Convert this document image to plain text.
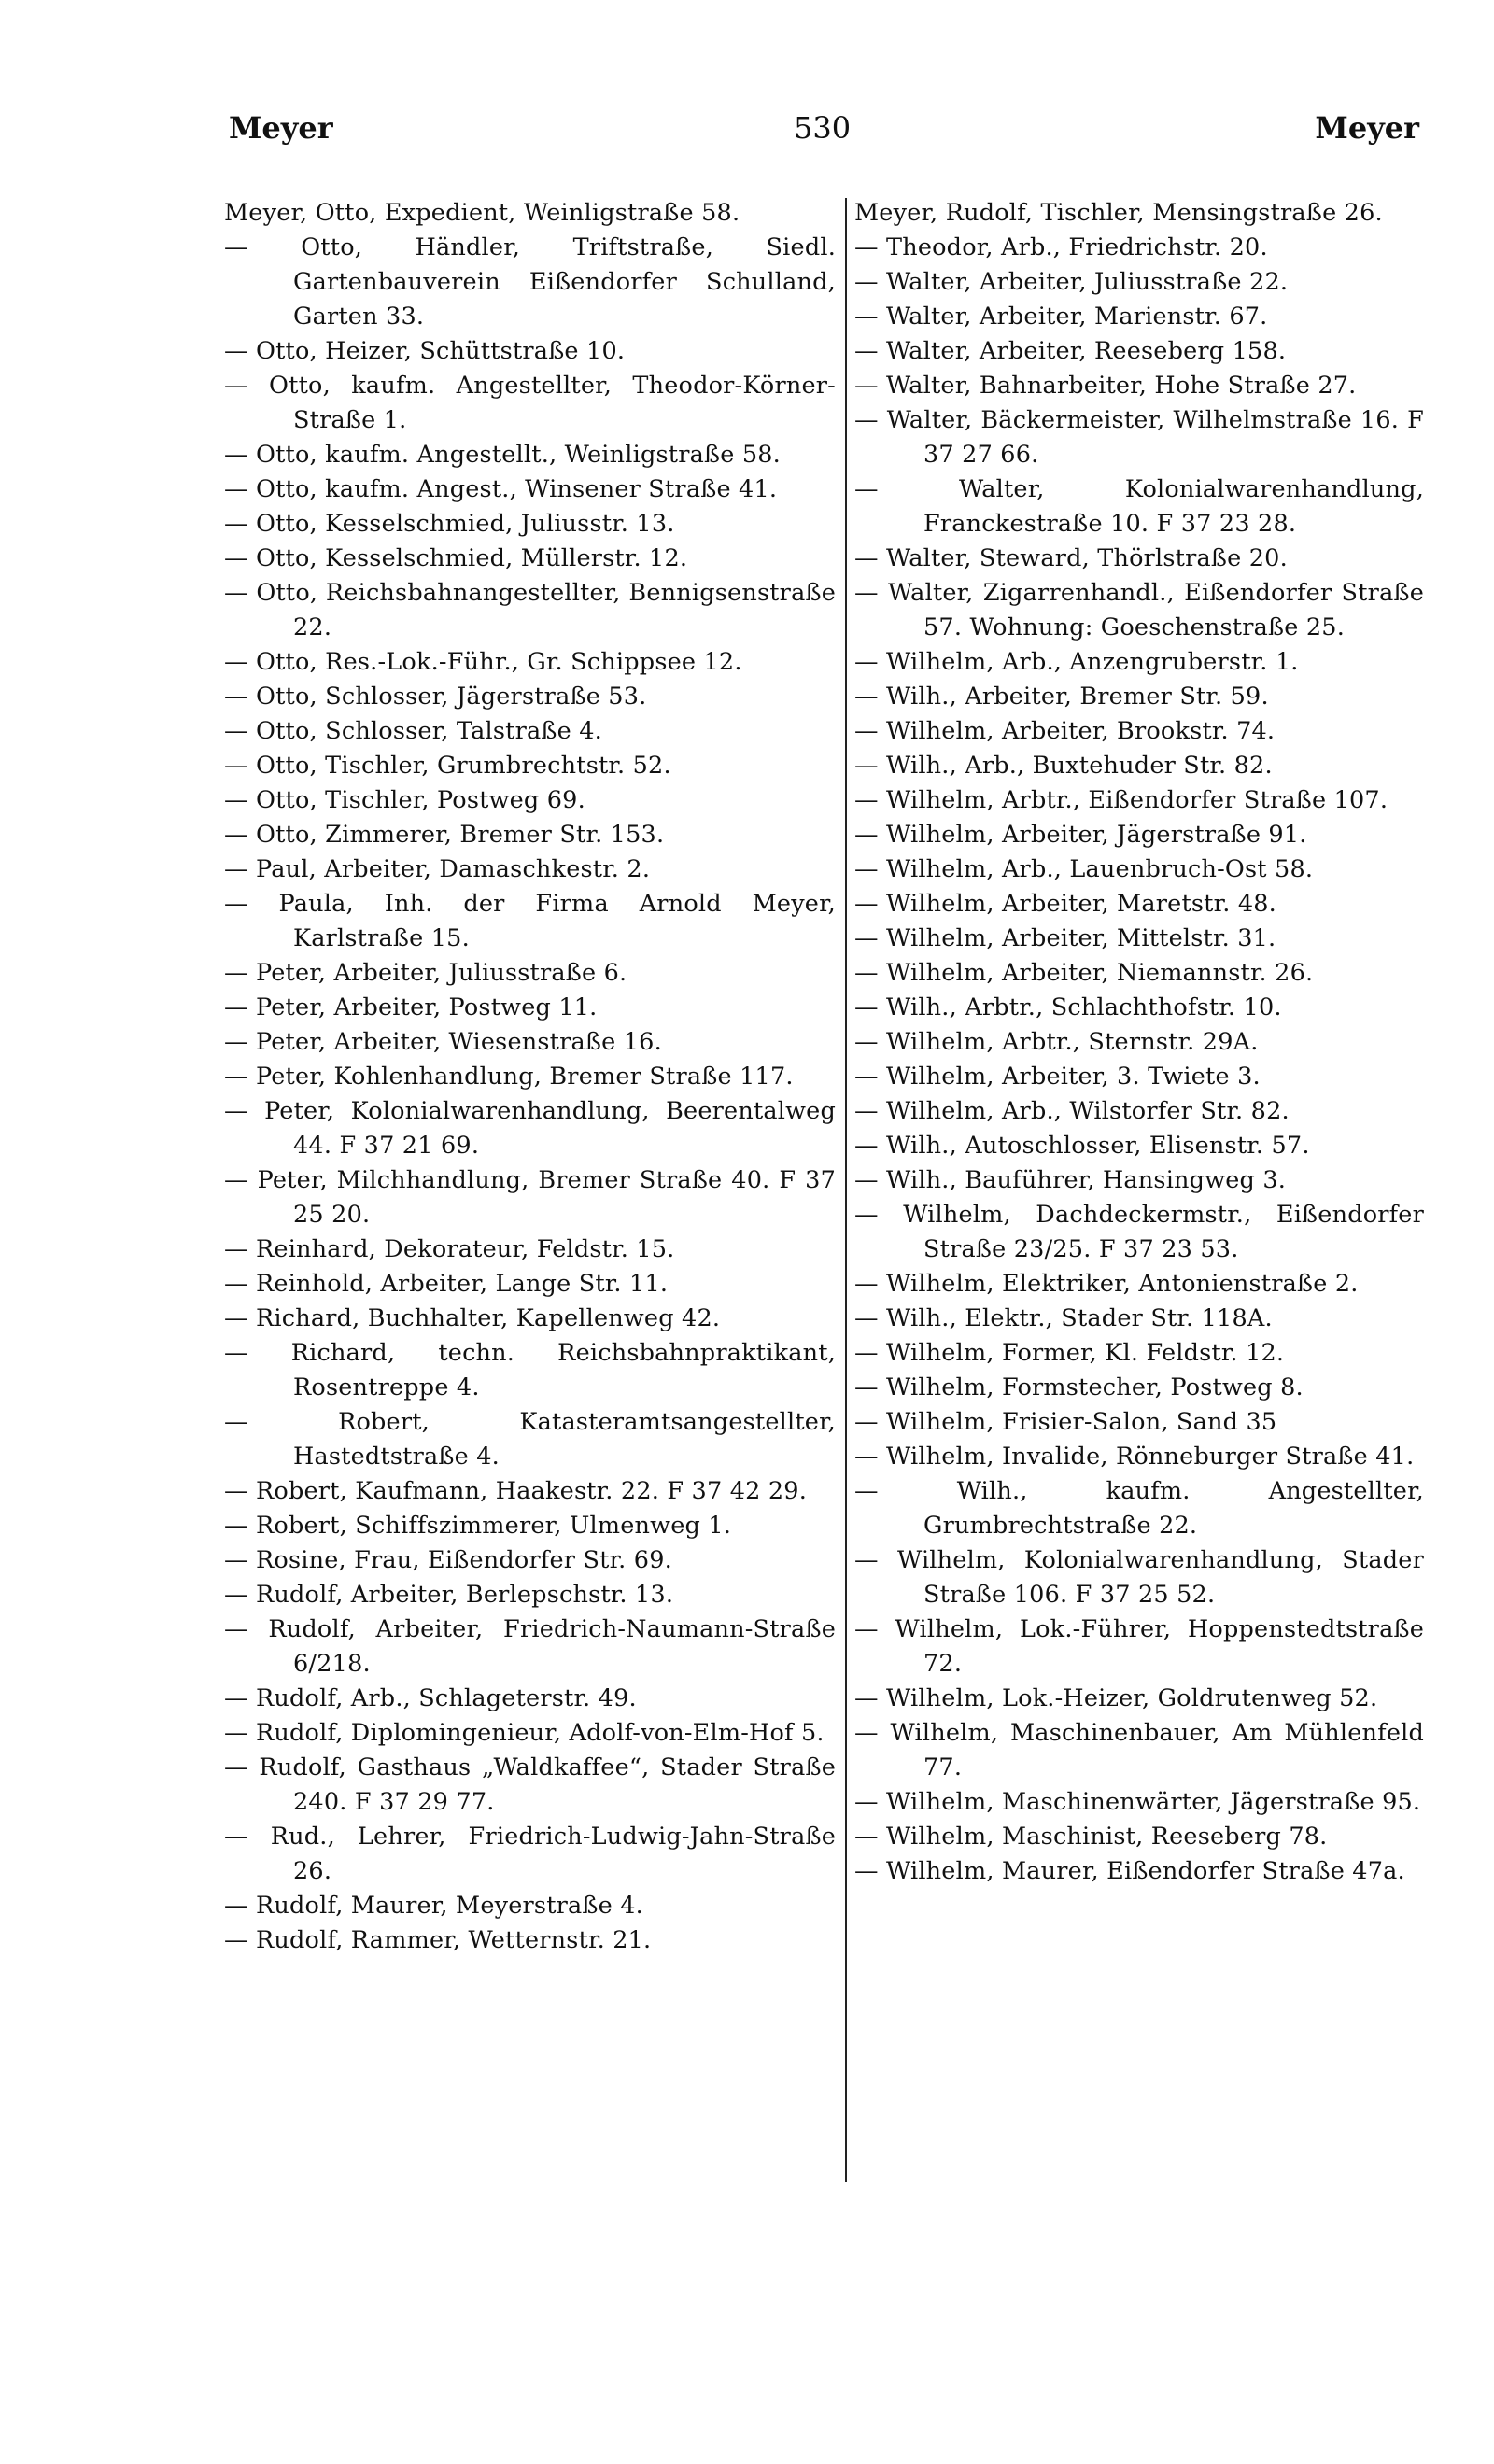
Meyer	530	Meyer

Meyer, Otto, Expedient, Weinligstraße 58.

— Otto, Händler, Triftstraße, Siedl. Gartenbauverein Eißendorfer Schulland, Garten 33.

— Otto, Heizer, Schüttstraße 10.

— Otto, kaufm. Angestellter, Theodor-Körner-Straße 1.

— Otto, kaufm. Angestellt., Weinligstraße 58.

— Otto, kaufm. Angest., Winsener Straße 41.

— Otto, Kesselschmied, Juliusstr. 13.

— Otto, Kesselschmied, Müllerstr. 12.

— Otto, Reichsbahnangestellter, Bennigsenstraße 22.

— Otto, Res.-Lok.-Führ., Gr. Schippsee 12.

— Otto, Schlosser, Jägerstraße 53.

— Otto, Schlosser, Talstraße 4.

— Otto, Tischler, Grumbrechtstr. 52.

— Otto, Tischler, Postweg 69.

— Otto, Zimmerer, Bremer Str. 153.

— Paul, Arbeiter, Damaschkestr. 2.

— Paula, Inh. der Firma Arnold Meyer, Karlstraße 15.

— Peter, Arbeiter, Juliusstraße 6.

— Peter, Arbeiter, Postweg 11.

— Peter, Arbeiter, Wiesenstraße 16.

— Peter, Kohlenhandlung, Bremer Straße 117.

— Peter, Kolonialwarenhandlung, Beerentalweg 44. F 37 21 69.

— Peter, Milchhandlung, Bremer Straße 40. F 37 25 20.

— Reinhard, Dekorateur, Feldstr. 15.

— Reinhold, Arbeiter, Lange Str. 11.

— Richard, Buchhalter, Kapellenweg 42.

— Richard, techn. Reichsbahnpraktikant, Rosentreppe 4.

— Robert, Katasteramtsangestellter, Hastedtstraße 4.

— Robert, Kaufmann, Haakestr. 22. F 37 42 29.

— Robert, Schiffszimmerer, Ulmenweg 1.

— Rosine, Frau, Eißendorfer Str. 69.

— Rudolf, Arbeiter, Berlepschstr. 13.

— Rudolf, Arbeiter, Friedrich-Naumann-Straße 6/218.

— Rudolf, Arb., Schlageterstr. 49.

— Rudolf, Diplomingenieur, Adolf-von-Elm-Hof 5.

— Rudolf, Gasthaus „Waldkaffee“, Stader Straße 240. F 37 29 77.

— Rud., Lehrer, Friedrich-Ludwig-Jahn-Straße 26.

— Rudolf, Maurer, Meyerstraße 4.

— Rudolf, Rammer, Wetternstr. 21.

Meyer, Rudolf, Tischler, Mensingstraße 26.

— Theodor, Arb., Friedrichstr. 20.

— Walter, Arbeiter, Juliusstraße 22.

— Walter, Arbeiter, Marienstr. 67.

— Walter, Arbeiter, Reeseberg 158.

— Walter, Bahnarbeiter, Hohe Straße 27.

— Walter, Bäckermeister, Wilhelmstraße 16. F 37 27 66.

— Walter, Kolonialwarenhandlung, Franckestraße 10. F 37 23 28.

— Walter, Steward, Thörlstraße 20.

— Walter, Zigarrenhandl., Eißendorfer Straße 57. Wohnung: Goeschenstraße 25.

— Wilhelm, Arb., Anzengruberstr. 1.

— Wilh., Arbeiter, Bremer Str. 59.

— Wilhelm, Arbeiter, Brookstr. 74.

— Wilh., Arb., Buxtehuder Str. 82.

— Wilhelm, Arbtr., Eißendorfer Straße 107.

— Wilhelm, Arbeiter, Jägerstraße 91.

— Wilhelm, Arb., Lauenbruch-Ost 58.

— Wilhelm, Arbeiter, Maretstr. 48.

— Wilhelm, Arbeiter, Mittelstr. 31.

— Wilhelm, Arbeiter, Niemannstr. 26.

— Wilh., Arbtr., Schlachthofstr. 10.

— Wilhelm, Arbtr., Sternstr. 29A.

— Wilhelm, Arbeiter, 3. Twiete 3.

— Wilhelm, Arb., Wilstorfer Str. 82.

— Wilh., Autoschlosser, Elisenstr. 57.

— Wilh., Bauführer, Hansingweg 3.

— Wilhelm, Dachdeckermstr., Eißendorfer Straße 23/25. F 37 23 53.

— Wilhelm, Elektriker, Antonienstraße 2.

— Wilh., Elektr., Stader Str. 118A.

— Wilhelm, Former, Kl. Feldstr. 12.

— Wilhelm, Formstecher, Postweg 8.

— Wilhelm, Frisier-Salon, Sand 35

— Wilhelm, Invalide, Rönneburger Straße 41.

— Wilh., kaufm. Angestellter, Grumbrechtstraße 22.

— Wilhelm, Kolonialwarenhandlung, Stader Straße 106. F 37 25 52.

— Wilhelm, Lok.-Führer, Hoppenstedtstraße 72.

— Wilhelm, Lok.-Heizer, Goldrutenweg 52.

— Wilhelm, Maschinenbauer, Am Mühlenfeld 77.

— Wilhelm, Maschinenwärter, Jägerstraße 95.

— Wilhelm, Maschinist, Reeseberg 78.

— Wilhelm, Maurer, Eißendorfer Straße 47a.
